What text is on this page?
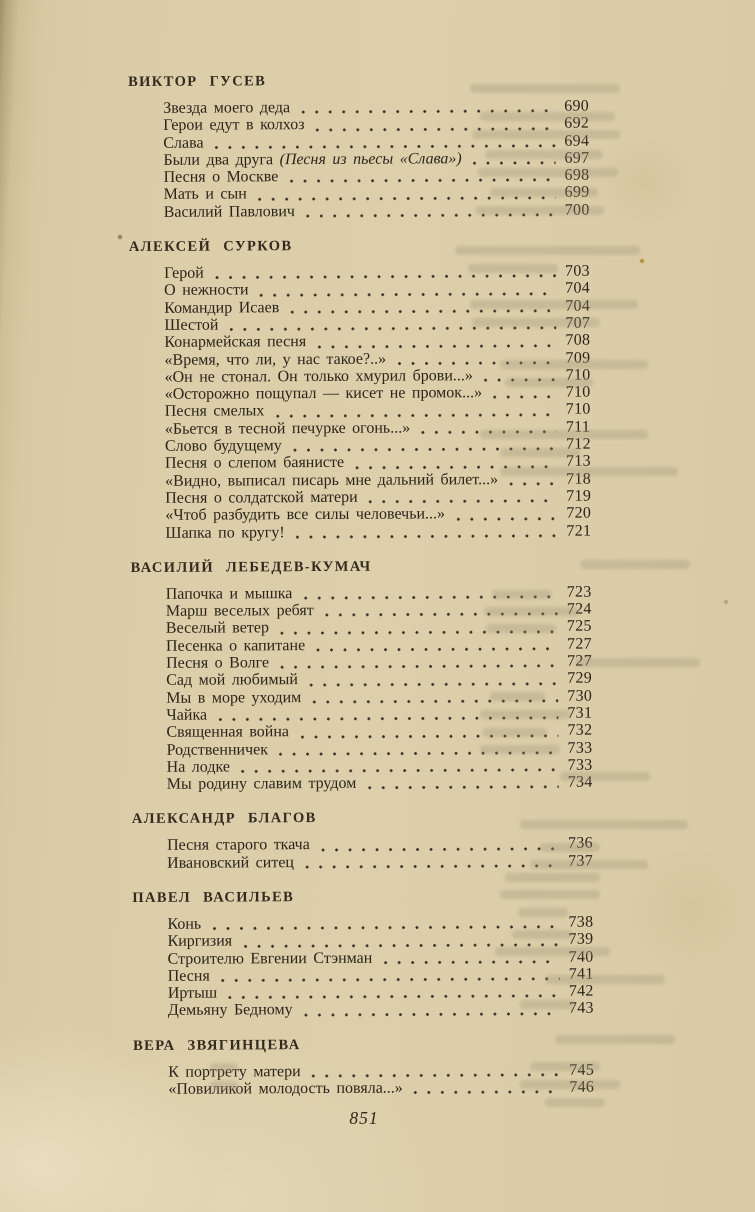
ВИКТОР ГУСЕВ
Звезда моего деда	690
Герои едут в колхоз	692
Слава	694
Были два друга (Песня из пьесы «Слава»)	697
Песня о Москве	698
Мать и сын	699
Василий Павлович	700
АЛЕКСЕЙ СУРКОВ
Герой	703
О нежности	704
Командир Исаев	704
Шестой	707
Конармейская песня	708
«Время, что ли, у нас такое?..»	709
«Он не стонал. Он только хмурил брови...»	710
«Осторожно пощупал — кисет не промок...»	710
Песня смелых	710
«Бьется в тесной печурке огонь...»	711
Слово будущему	712
Песня о слепом баянисте	713
«Видно, выписал писарь мне дальний билет...»	718
Песня о солдатской матери	719
«Чтоб разбудить все силы человечьи...»	720
Шапка по кругу!	721
ВАСИЛИЙ ЛЕБЕДЕВ-КУМАЧ
Папочка и мышка	723
Марш веселых ребят	724
Веселый ветер	725
Песенка о капитане	727
Песня о Волге	727
Сад мой любимый	729
Мы в море уходим	730
Чайка	731
Священная война	732
Родственничек	733
На лодке	733
Мы родину славим трудом	734
АЛЕКСАНДР БЛАГОВ
Песня старого ткача	736
Ивановский ситец	737
ПАВЕЛ ВАСИЛЬЕВ
Конь	738
Киргизия	739
Строителю Евгении Стэнман	740
Песня	741
Иртыш	742
Демьяну Бедному	743
ВЕРА ЗВЯГИНЦЕВА
К портрету матери	745
«Повиликой молодость повяла...»	746
851
